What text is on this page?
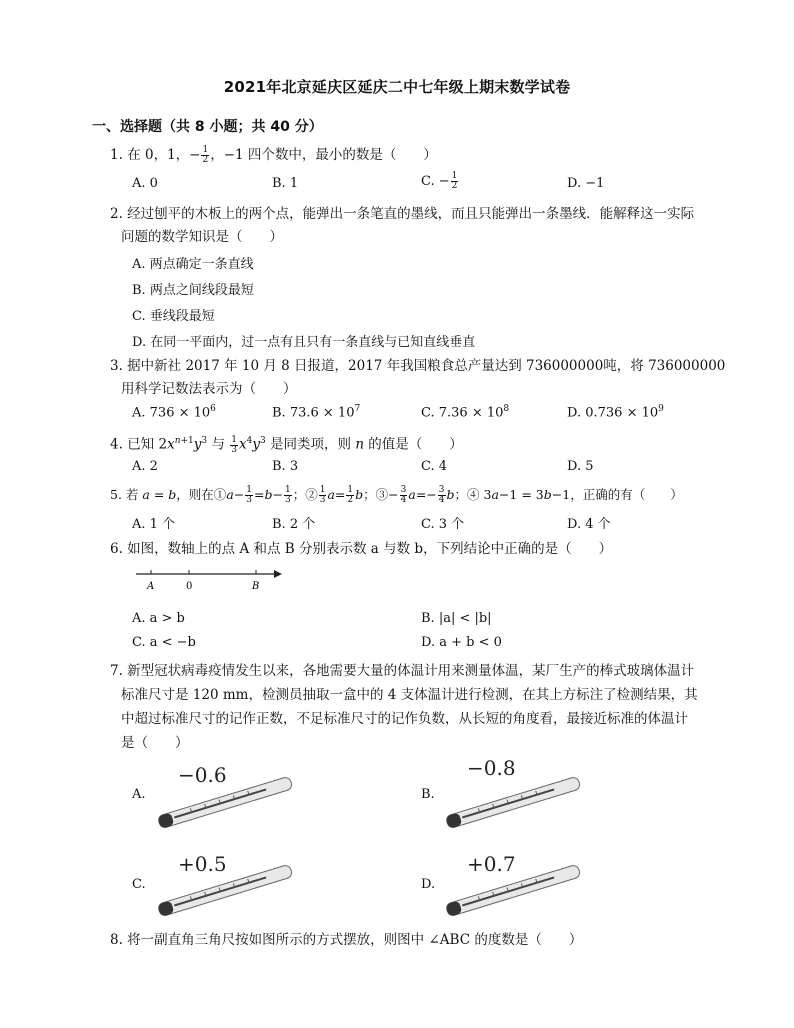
2021年北京延庆区延庆二中七年级上期末数学试卷
一、选择题（共 8 小题；共 40 分）
1. 在 0，1，− $\frac{1}{2}$ ，−1 四个数中，最小的数是（　　）
A. 0	B. 1	C. − $\frac{1}{2}$	D. −1
2. 经过刨平的木板上的两个点，能弹出一条笔直的墨线，而且只能弹出一条墨线．能解释这一实际
问题的数学知识是（　　）
A. 两点确定一条直线
B. 两点之间线段最短
C. 垂线段最短
D. 在同一平面内，过一点有且只有一条直线与已知直线垂直
3. 据中新社 2017 年 10 月 8 日报道，2017 年我国粮食总产量达到 736000000吨，将 736000000
用科学记数法表示为（　　）
A. $736 \times 10^6$	B. $73.6 \times 10^7$	C. $7.36 \times 10^8$	D. $0.736 \times 10^9$
4. 已知 $2x^{n+1}y^3$ 与 $\frac{1}{3} x^4y^3$ 是同类项，则 n 的值是（　　）
A. 2	B. 3	C. 4	D. 5
5. 若 a = b，则在①a− $\frac{1}{3} =b- \frac{1}{3}$ ；② $\frac{1}{3} a= \frac{1}{2}$ b；③− $\frac{3}{4} a=- \frac{3}{4}$ b；④ 3a−1 = 3b−1，正确的有（　　）
A. 1 个	B. 2 个	C. 3 个	D. 4 个
6. 如图，数轴上的点 A 和点 B 分别表示数 a 与数 b，下列结论中正确的是（　　）
A	0	B
A. a > b	B. |a| < |b|
C. a < −b	D. a + b < 0
7. 新型冠状病毒疫情发生以来，各地需要大量的体温计用来测量体温，某厂生产的棒式玻璃体温计
标准尺寸是 120 mm，检测员抽取一盒中的 4 支体温计进行检测，在其上方标注了检测结果，其
中超过标准尺寸的记作正数，不足标准尺寸的记作负数，从长短的角度看，最接近标准的体温计
是（　　）
A.
−0.6
B.
−0.8
C.
+0.5
D.
+0.7
8. 将一副直角三角尺按如图所示的方式摆放，则图中 ∠ABC 的度数是（　　）
